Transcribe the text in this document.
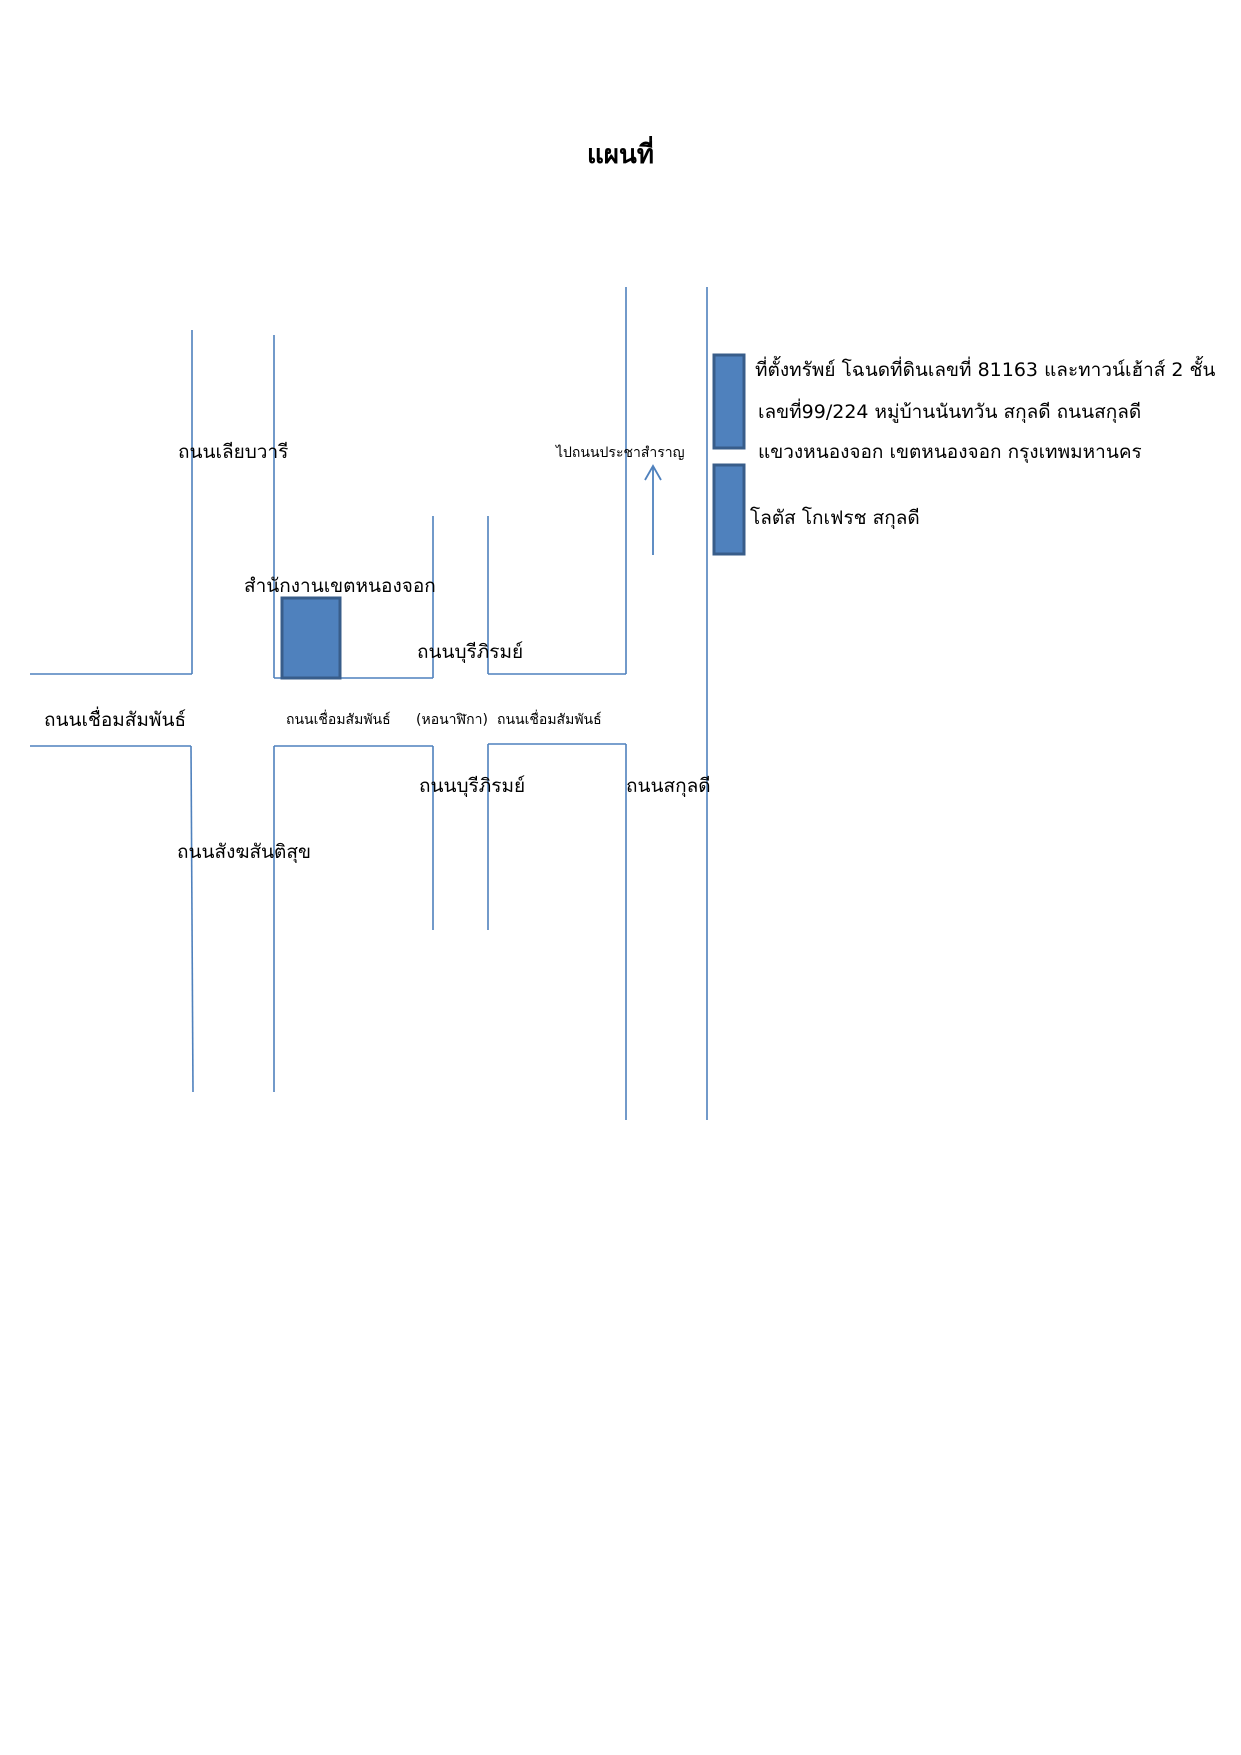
แผนที่
ถนนเลียบวารี
ถนนเชื่อมสัมพันธ์	ถนนเชื่อมสัมพันธ์ (หอนาฬิกา) ถนนเชื่อมสัมพันธ์
ถนนบุรีภิรมย์
ถนนบุรีภิรมย์	ถนนสกุลดี
ถนนสังฆสันติสุข
สำนักงานเขตหนองจอก
ไปถนนประชาสำราญ
ที่ตั้งทรัพย์ โฉนดที่ดินเลขที่ 81163 และทาวน์เฮ้าส์ 2 ชั้น
เลขที่99/224 หมู่บ้านนันทวัน สกุลดี ถนนสกุลดี
แขวงหนองจอก เขตหนองจอก กรุงเทพมหานคร
โลตัส โกเฟรช สกุลดี
